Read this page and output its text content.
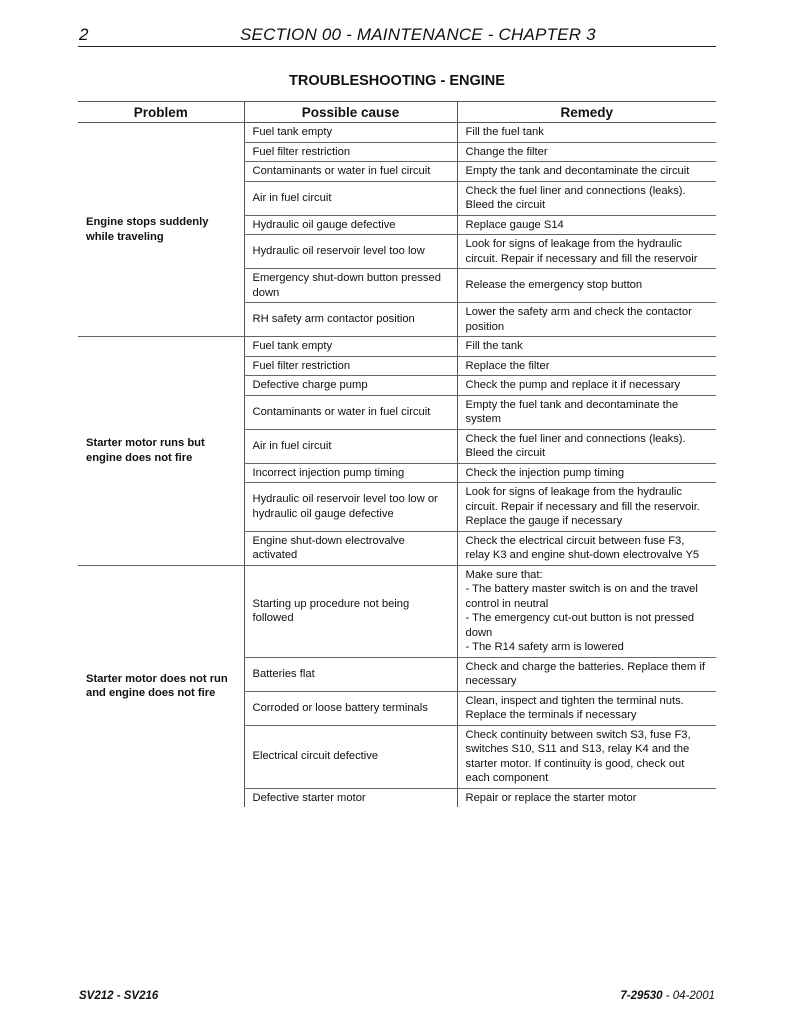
2	SECTION 00 - MAINTENANCE - CHAPTER 3
TROUBLESHOOTING - ENGINE
Problem	Possible cause	Remedy
Engine stops suddenly while traveling	Fuel tank empty	Fill the fuel tank
	Fuel filter restriction	Change the filter
	Contaminants or water in fuel circuit	Empty the tank and decontaminate the circuit
	Air in fuel circuit	Check the fuel liner and connections (leaks). Bleed the circuit
	Hydraulic oil gauge defective	Replace gauge S14
	Hydraulic oil reservoir level too low	Look for signs of leakage from the hydraulic circuit. Repair if necessary and fill the reservoir
	Emergency shut-down button pressed down	Release the emergency stop button
	RH safety arm contactor position	Lower the safety arm and check the contactor position
Starter motor runs but engine does not fire	Fuel tank empty	Fill the tank
	Fuel filter restriction	Replace the filter
	Defective charge pump	Check the pump and replace it if necessary
	Contaminants or water in fuel circuit	Empty the fuel tank and decontaminate the system
	Air in fuel circuit	Check the fuel liner and connections (leaks). Bleed the circuit
	Incorrect injection pump timing	Check the injection pump timing
	Hydraulic oil reservoir level too low or hydraulic oil gauge defective	Look for signs of leakage from the hydraulic circuit. Repair if necessary and fill the reservoir. Replace the gauge if necessary
	Engine shut-down electrovalve activated	Check the electrical circuit between fuse F3, relay K3 and engine shut-down electrovalve Y5
Starter motor does not run and engine does not fire	Starting up procedure not being followed	Make sure that:
- The battery master switch is on and the travel control in neutral
- The emergency cut-out button is not pressed down
- The R14 safety arm is lowered
	Batteries flat	Check and charge the batteries. Replace them if necessary
	Corroded or loose battery terminals	Clean, inspect and tighten the terminal nuts. Replace the terminals if necessary
	Electrical circuit defective	Check continuity between switch S3, fuse F3, switches S10, S11 and S13, relay K4 and the starter motor. If continuity is good, check out each component
	Defective starter motor	Repair or replace the starter motor
SV212 - SV216	7-29530 - 04-2001
